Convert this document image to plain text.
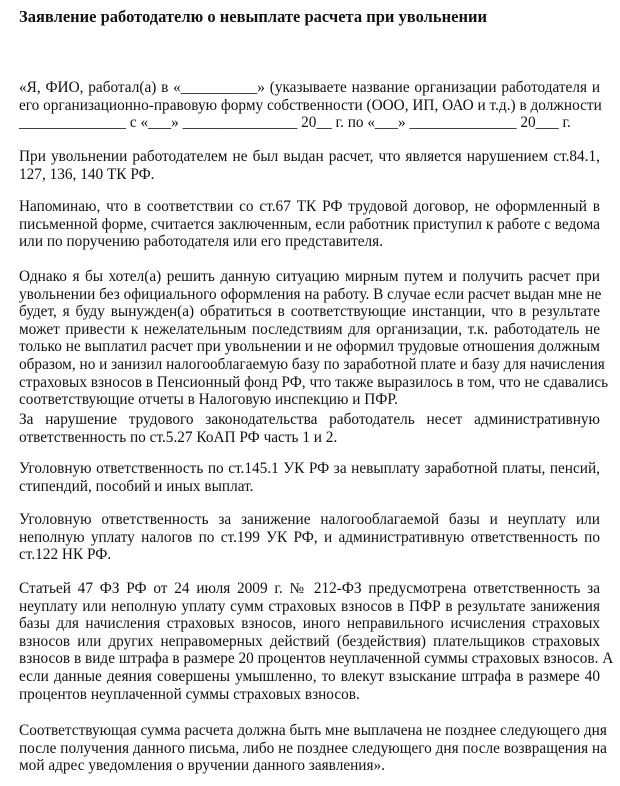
Заявление работодателю о невыплате расчета при увольнении
«Я, ФИО, работал(а) в «__________» (указываете название организации работодателя и
его организационно-правовую форму собственности (ООО, ИП, ОАО и т.д.) в должности
______________ с «___» _______________ 20__ г. по «___» ______________ 20___ г.
При увольнении работодателем не был выдан расчет, что является нарушением ст.84.1,
127, 136, 140 ТК РФ.
Напоминаю, что в соответствии со ст.67 ТК РФ трудовой договор, не оформленный в
письменной форме, считается заключенным, если работник приступил к работе с ведома
или по поручению работодателя или его представителя.
Однако я бы хотел(а) решить данную ситуацию мирным путем и получить расчет при
увольнении без официального оформления на работу. В случае если расчет выдан мне не
будет, я буду вынужден(а) обратиться в соответствующие инстанции, что в результате
может привести к нежелательным последствиям для организации, т.к. работодатель не
только не выплатил расчет при увольнении и не оформил трудовые отношения должным
образом, но и занизил налогооблагаемую базу по заработной плате и базу для начисления
страховых взносов в Пенсионный фонд РФ, что также выразилось в том, что не сдавались
соответствующие отчеты в Налоговую инспекцию и ПФР.
За нарушение трудового законодательства работодатель несет административную
ответственность по ст.5.27 КоАП РФ часть 1 и 2.
Уголовную ответственность по ст.145.1 УК РФ за невыплату заработной платы, пенсий,
стипендий, пособий и иных выплат.
Уголовную ответственность за занижение налогооблагаемой базы и неуплату или
неполную уплату налогов по ст.199 УК РФ, и административную ответственность по
ст.122 НК РФ.
Статьей 47 ФЗ РФ от 24 июля 2009 г. № 212-ФЗ предусмотрена ответственность за
неуплату или неполную уплату сумм страховых взносов в ПФР в результате занижения
базы для начисления страховых взносов, иного неправильного исчисления страховых
взносов или других неправомерных действий (бездействия) плательщиков страховых
взносов в виде штрафа в размере 20 процентов неуплаченной суммы страховых взносов. А
если данные деяния совершены умышленно, то влекут взыскание штрафа в размере 40
процентов неуплаченной суммы страховых взносов.
Соответствующая сумма расчета должна быть мне выплачена не позднее следующего дня
после получения данного письма, либо не позднее следующего дня после возвращения на
мой адрес уведомления о вручении данного заявления».
